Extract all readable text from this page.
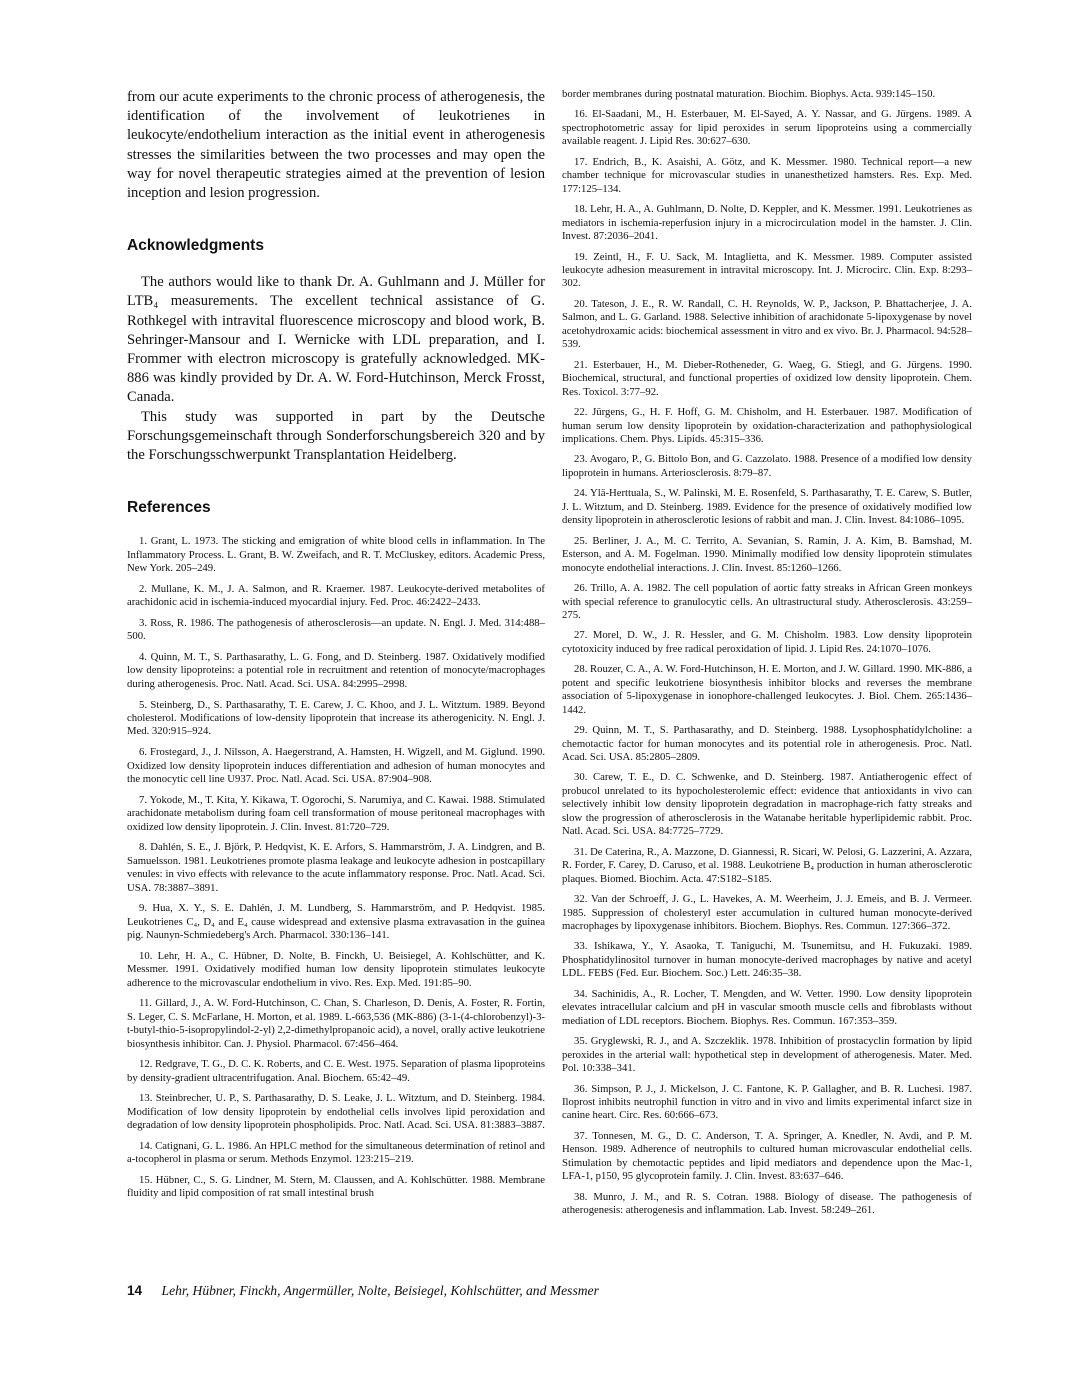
from our acute experiments to the chronic process of atherogenesis, the identification of the involvement of leukotrienes in leukocyte/endothelium interaction as the initial event in atherogenesis stresses the similarities between the two processes and may open the way for novel therapeutic strategies aimed at the prevention of lesion inception and lesion progression.

Acknowledgments

The authors would like to thank Dr. A. Guhlmann and J. Müller for LTB₄ measurements. The excellent technical assistance of G. Rothkegel with intravital fluorescence microscopy and blood work, B. Sehringer-Mansour and I. Wernicke with LDL preparation, and I. Frommer with electron microscopy is gratefully acknowledged. MK-886 was kindly provided by Dr. A. W. Ford-Hutchinson, Merck Frosst, Canada.

This study was supported in part by the Deutsche Forschungsgemeinschaft through Sonderforschungsbereich 320 and by the Forschungsschwerpunkt Transplantation Heidelberg.

References
1. Grant, L. 1973. The sticking and emigration of white blood cells in inflammation. In The Inflammatory Process. L. Grant, B. W. Zweifach, and R. T. McCluskey, editors. Academic Press, New York. 205–249.
2. Mullane, K. M., J. A. Salmon, and R. Kraemer. 1987. Leukocyte-derived metabolites of arachidonic acid in ischemia-induced myocardial injury. Fed. Proc. 46:2422–2433.
3. Ross, R. 1986. The pathogenesis of atherosclerosis—an update. N. Engl. J. Med. 314:488–500.
4. Quinn, M. T., S. Parthasarathy, L. G. Fong, and D. Steinberg. 1987. Oxidatively modified low density lipoproteins: a potential role in recruitment and retention of monocyte/macrophages during atherogenesis. Proc. Natl. Acad. Sci. USA. 84:2995–2998.
5. Steinberg, D., S. Parthasarathy, T. E. Carew, J. C. Khoo, and J. L. Witztum. 1989. Beyond cholesterol. Modifications of low-density lipoprotein that increase its atherogenicity. N. Engl. J. Med. 320:915–924.
6. Frostegard, J., J. Nilsson, A. Haegerstrand, A. Hamsten, H. Wigzell, and M. Giglund. 1990. Oxidized low density lipoprotein induces differentiation and adhesion of human monocytes and the monocytic cell line U937. Proc. Natl. Acad. Sci. USA. 87:904–908.
7. Yokode, M., T. Kita, Y. Kikawa, T. Ogorochi, S. Narumiya, and C. Kawai. 1988. Stimulated arachidonate metabolism during foam cell transformation of mouse peritoneal macrophages with oxidized low density lipoprotein. J. Clin. Invest. 81:720–729.
8. Dahlén, S. E., J. Björk, P. Hedqvist, K. E. Arfors, S. Hammarström, J. A. Lindgren, and B. Samuelsson. 1981. Leukotrienes promote plasma leakage and leukocyte adhesion in postcapillary venules: in vivo effects with relevance to the acute inflammatory response. Proc. Natl. Acad. Sci. USA. 78:3887–3891.
9. Hua, X. Y., S. E. Dahlén, J. M. Lundberg, S. Hammarström, and P. Hedqvist. 1985. Leukotrienes C₄, D₄ and E₄ cause widespread and extensive plasma extravasation in the guinea pig. Naunyn-Schmiedeberg's Arch. Pharmacol. 330:136–141.
10. Lehr, H. A., C. Hübner, D. Nolte, B. Finckh, U. Beisiegel, A. Kohlschütter, and K. Messmer. 1991. Oxidatively modified human low density lipoprotein stimulates leukocyte adherence to the microvascular endothelium in vivo. Res. Exp. Med. 191:85–90.
11. Gillard, J., A. W. Ford-Hutchinson, C. Chan, S. Charleson, D. Denis, A. Foster, R. Fortin, S. Leger, C. S. McFarlane, H. Morton, et al. 1989. L-663,536 (MK-886) (3-1-(4-chlorobenzyl)-3-t-butyl-thio-5-isopropylindol-2-yl) 2,2-dimethylpropanoic acid), a novel, orally active leukotriene biosynthesis inhibitor. Can. J. Physiol. Pharmacol. 67:456–464.
12. Redgrave, T. G., D. C. K. Roberts, and C. E. West. 1975. Separation of plasma lipoproteins by density-gradient ultracentrifugation. Anal. Biochem. 65:42–49.
13. Steinbrecher, U. P., S. Parthasarathy, D. S. Leake, J. L. Witztum, and D. Steinberg. 1984. Modification of low density lipoprotein by endothelial cells involves lipid peroxidation and degradation of low density lipoprotein phospholipids. Proc. Natl. Acad. Sci. USA. 81:3883–3887.
14. Catignani, G. L. 1986. An HPLC method for the simultaneous determination of retinol and a-tocopherol in plasma or serum. Methods Enzymol. 123:215–219.
15. Hübner, C., S. G. Lindner, M. Stern, M. Claussen, and A. Kohlschütter. 1988. Membrane fluidity and lipid composition of rat small intestinal brush
border membranes during postnatal maturation. Biochim. Biophys. Acta. 939:145–150.
16. El-Saadani, M., H. Esterbauer, M. El-Sayed, A. Y. Nassar, and G. Jürgens. 1989. A spectrophotometric assay for lipid peroxides in serum lipoproteins using a commercially available reagent. J. Lipid Res. 30:627–630.
17. Endrich, B., K. Asaishi, A. Götz, and K. Messmer. 1980. Technical report—a new chamber technique for microvascular studies in unanesthetized hamsters. Res. Exp. Med. 177:125–134.
18. Lehr, H. A., A. Guhlmann, D. Nolte, D. Keppler, and K. Messmer. 1991. Leukotrienes as mediators in ischemia-reperfusion injury in a microcirculation model in the hamster. J. Clin. Invest. 87:2036–2041.
19. Zeintl, H., F. U. Sack, M. Intaglietta, and K. Messmer. 1989. Computer assisted leukocyte adhesion measurement in intravital microscopy. Int. J. Microcirc. Clin. Exp. 8:293–302.
20. Tateson, J. E., R. W. Randall, C. H. Reynolds, W. P., Jackson, P. Bhattacherjee, J. A. Salmon, and L. G. Garland. 1988. Selective inhibition of arachidonate 5-lipoxygenase by novel acetohydroxamic acids: biochemical assessment in vitro and ex vivo. Br. J. Pharmacol. 94:528–539.
21. Esterbauer, H., M. Dieber-Rotheneder, G. Waeg, G. Stiegl, and G. Jürgens. 1990. Biochemical, structural, and functional properties of oxidized low density lipoprotein. Chem. Res. Toxicol. 3:77–92.
22. Jürgens, G., H. F. Hoff, G. M. Chisholm, and H. Esterbauer. 1987. Modification of human serum low density lipoprotein by oxidation-characterization and pathophysiological implications. Chem. Phys. Lipids. 45:315–336.
23. Avogaro, P., G. Bittolo Bon, and G. Cazzolato. 1988. Presence of a modified low density lipoprotein in humans. Arteriosclerosis. 8:79–87.
24. Ylä-Herttuala, S., W. Palinski, M. E. Rosenfeld, S. Parthasarathy, T. E. Carew, S. Butler, J. L. Witztum, and D. Steinberg. 1989. Evidence for the presence of oxidatively modified low density lipoprotein in atherosclerotic lesions of rabbit and man. J. Clin. Invest. 84:1086–1095.
25. Berliner, J. A., M. C. Territo, A. Sevanian, S. Ramin, J. A. Kim, B. Bamshad, M. Esterson, and A. M. Fogelman. 1990. Minimally modified low density lipoprotein stimulates monocyte endothelial interactions. J. Clin. Invest. 85:1260–1266.
26. Trillo, A. A. 1982. The cell population of aortic fatty streaks in African Green monkeys with special reference to granulocytic cells. An ultrastructural study. Atherosclerosis. 43:259–275.
27. Morel, D. W., J. R. Hessler, and G. M. Chisholm. 1983. Low density lipoprotein cytotoxicity induced by free radical peroxidation of lipid. J. Lipid Res. 24:1070–1076.
28. Rouzer, C. A., A. W. Ford-Hutchinson, H. E. Morton, and J. W. Gillard. 1990. MK-886, a potent and specific leukotriene biosynthesis inhibitor blocks and reverses the membrane association of 5-lipoxygenase in ionophore-challenged leukocytes. J. Biol. Chem. 265:1436–1442.
29. Quinn, M. T., S. Parthasarathy, and D. Steinberg. 1988. Lysophosphatidylcholine: a chemotactic factor for human monocytes and its potential role in atherogenesis. Proc. Natl. Acad. Sci. USA. 85:2805–2809.
30. Carew, T. E., D. C. Schwenke, and D. Steinberg. 1987. Antiatherogenic effect of probucol unrelated to its hypocholesterolemic effect: evidence that antioxidants in vivo can selectively inhibit low density lipoprotein degradation in macrophage-rich fatty streaks and slow the progression of atherosclerosis in the Watanabe heritable hyperlipidemic rabbit. Proc. Natl. Acad. Sci. USA. 84:7725–7729.
31. De Caterina, R., A. Mazzone, D. Giannessi, R. Sicari, W. Pelosi, G. Lazzerini, A. Azzara, R. Forder, F. Carey, D. Caruso, et al. 1988. Leukotriene B₄ production in human atherosclerotic plaques. Biomed. Biochim. Acta. 47:S182–S185.
32. Van der Schroeff, J. G., L. Havekes, A. M. Weerheim, J. J. Emeis, and B. J. Vermeer. 1985. Suppression of cholesteryl ester accumulation in cultured human monocyte-derived macrophages by lipoxygenase inhibitors. Biochem. Biophys. Res. Commun. 127:366–372.
33. Ishikawa, Y., Y. Asaoka, T. Taniguchi, M. Tsunemitsu, and H. Fukuzaki. 1989. Phosphatidylinositol turnover in human monocyte-derived macrophages by native and acetyl LDL. FEBS (Fed. Eur. Biochem. Soc.) Lett. 246:35–38.
34. Sachinidis, A., R. Locher, T. Mengden, and W. Vetter. 1990. Low density lipoprotein elevates intracellular calcium and pH in vascular smooth muscle cells and fibroblasts without mediation of LDL receptors. Biochem. Biophys. Res. Commun. 167:353–359.
35. Gryglewski, R. J., and A. Szczeklik. 1978. Inhibition of prostacyclin formation by lipid peroxides in the arterial wall: hypothetical step in development of atherogenesis. Mater. Med. Pol. 10:338–341.
36. Simpson, P. J., J. Mickelson, J. C. Fantone, K. P. Gallagher, and B. R. Luchesi. 1987. Iloprost inhibits neutrophil function in vitro and in vivo and limits experimental infarct size in canine heart. Circ. Res. 60:666–673.
37. Tonnesen, M. G., D. C. Anderson, T. A. Springer, A. Knedler, N. Avdi, and P. M. Henson. 1989. Adherence of neutrophils to cultured human microvascular endothelial cells. Stimulation by chemotactic peptides and lipid mediators and dependence upon the Mac-1, LFA-1, p150, 95 glycoprotein family. J. Clin. Invest. 83:637–646.
38. Munro, J. M., and R. S. Cotran. 1988. Biology of disease. The pathogenesis of atherogenesis: atherogenesis and inflammation. Lab. Invest. 58:249–261.
14 Lehr, Hübner, Finckh, Angermüller, Nolte, Beisiegel, Kohlschütter, and Messmer
